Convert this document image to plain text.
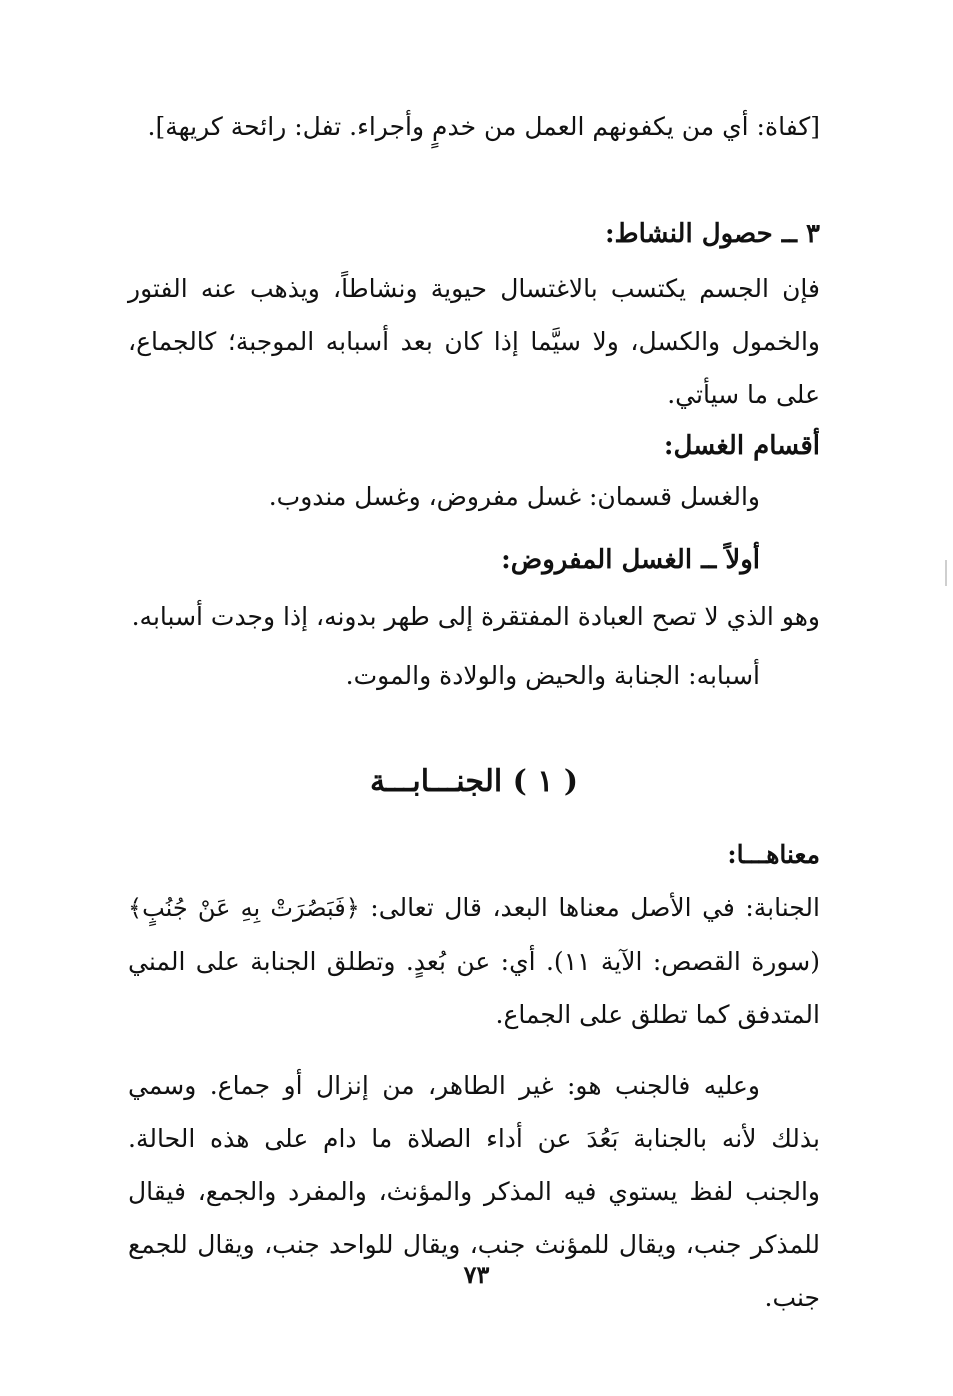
[كفاة: أي من يكفونهم العمل من خدمٍ وأجراء. تفل: رائحة كريهة].

٣ ــ حصول النشاط:

فإن الجسم يكتسب بالاغتسال حيوية ونشاطاً، ويذهب عنه الفتور والخمول والكسل، ولا سيَّما إذا كان بعد أسبابه الموجبة؛ كالجماع، على ما سيأتي.

أقسام الغسل:

والغسل قسمان: غسل مفروض، وغسل مندوب.

أولاً ــ الغسل المفروض:

وهو الذي لا تصح العبادة المفتقرة إلى طهر بدونه، إذا وجدت أسبابه.

أسبابه: الجنابة والحيض والولادة والموت.

( ١ ) الجنـــابـــة

معناهـــا:

الجنابة: في الأصل معناها البعد، قال تعالى: ﴿فَبَصُرَتْ بِهِ عَنْ جُنُبٍ﴾ (سورة القصص: الآية ١١). أي: عن بُعدٍ. وتطلق الجنابة على المني المتدفق كما تطلق على الجماع.

وعليه فالجنب هو: غير الطاهر، من إنزال أو جماع. وسمي بذلك لأنه بالجنابة بَعُدَ عن أداء الصلاة ما دام على هذه الحالة. والجنب لفظ يستوي فيه المذكر والمؤنث، والمفرد والجمع، فيقال للمذكر جنب، ويقال للمؤنث جنب، ويقال للواحد جنب، ويقال للجمع جنب.

٧٣
